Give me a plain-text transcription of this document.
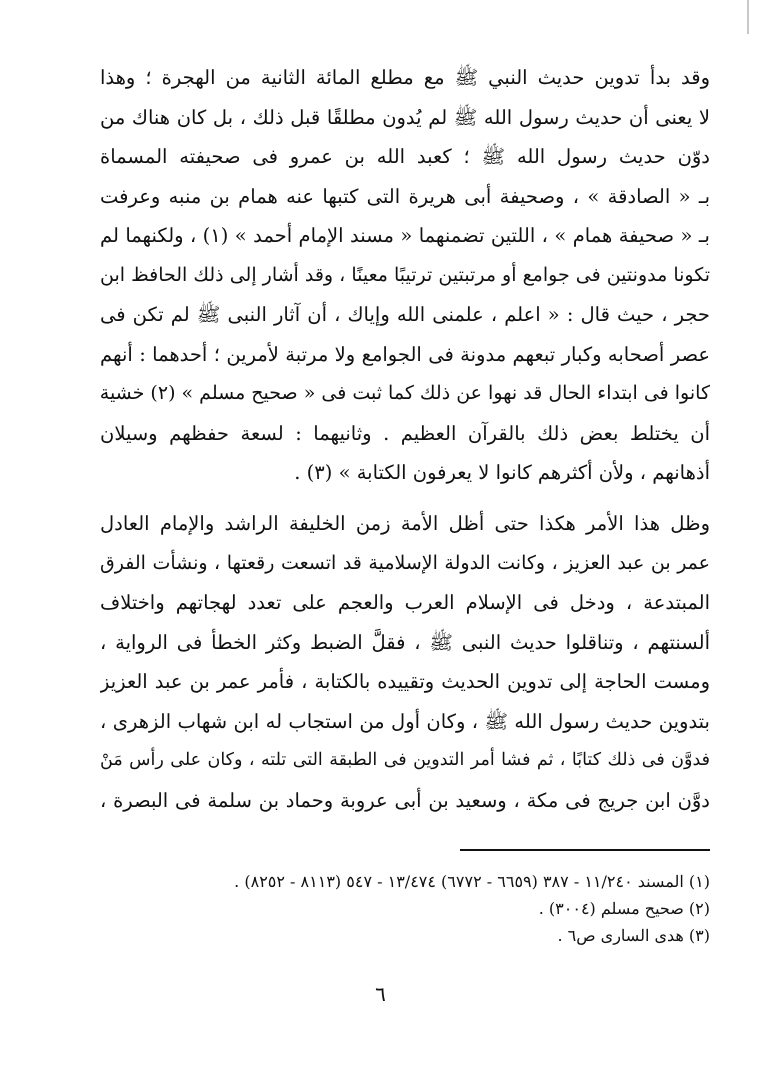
وقد بدأ تدوين حديث النبي ﷺ مع مطلع المائة الثانية من الهجرة ؛ وهذا
لا يعنى أن حديث رسول الله ﷺ لم يُدون مطلقًا قبل ذلك ، بل كان هناك من
دوّن حديث رسول الله ﷺ ؛ كعبد الله بن عمرو فى صحيفته المسماة
بـ « الصادقة » ، وصحيفة أبى هريرة التى كتبها عنه همام بن منبه وعرفت
بـ « صحيفة همام » ، اللتين تضمنهما « مسند الإمام أحمد » (١) ، ولكنهما لم
تكونا مدونتين فى جوامع أو مرتبتين ترتيبًا معينًا ، وقد أشار إلى ذلك الحافظ ابن
حجر ، حيث قال : « اعلم ، علمنى الله وإياك ، أن آثار النبى ﷺ لم تكن فى
عصر أصحابه وكبار تبعهم مدونة فى الجوامع ولا مرتبة لأمرين ؛ أحدهما : أنهم
كانوا فى ابتداء الحال قد نهوا عن ذلك كما ثبت فى « صحيح مسلم » (٢) خشية
أن يختلط بعض ذلك بالقرآن العظيم . وثانيهما : لسعة حفظهم وسيلان
أذهانهم ، ولأن أكثرهم كانوا لا يعرفون الكتابة » (٣) .
وظل هذا الأمر هكذا حتى أظل الأمة زمن الخليفة الراشد والإمام العادل
عمر بن عبد العزيز ، وكانت الدولة الإسلامية قد اتسعت رقعتها ، ونشأت الفرق
المبتدعة ، ودخل فى الإسلام العرب والعجم على تعدد لهجاتهم واختلاف
ألسنتهم ، وتناقلوا حديث النبى ﷺ ، فقلَّ الضبط وكثر الخطأ فى الرواية ،
ومست الحاجة إلى تدوين الحديث وتقييده بالكتابة ، فأمر عمر بن عبد العزيز
بتدوين حديث رسول الله ﷺ ، وكان أول من استجاب له ابن شهاب الزهرى ،
فدوَّن فى ذلك كتابًا ، ثم فشا أمر التدوين فى الطبقة التى تلته ، وكان على رأس مَنْ
دوَّن ابن جريج فى مكة ، وسعيد بن أبى عروبة وحماد بن سلمة فى البصرة ،
(١) المسند ١١/٢٤٠ - ٣٨٧ (٦٦٥٩ - ٦٧٧٢) ١٣/٤٧٤ - ٥٤٧ (٨١١٣ - ٨٢٥٢) .
(٢) صحيح مسلم (٣٠٠٤) .
(٣) هدى السارى ص٦ .
٦
